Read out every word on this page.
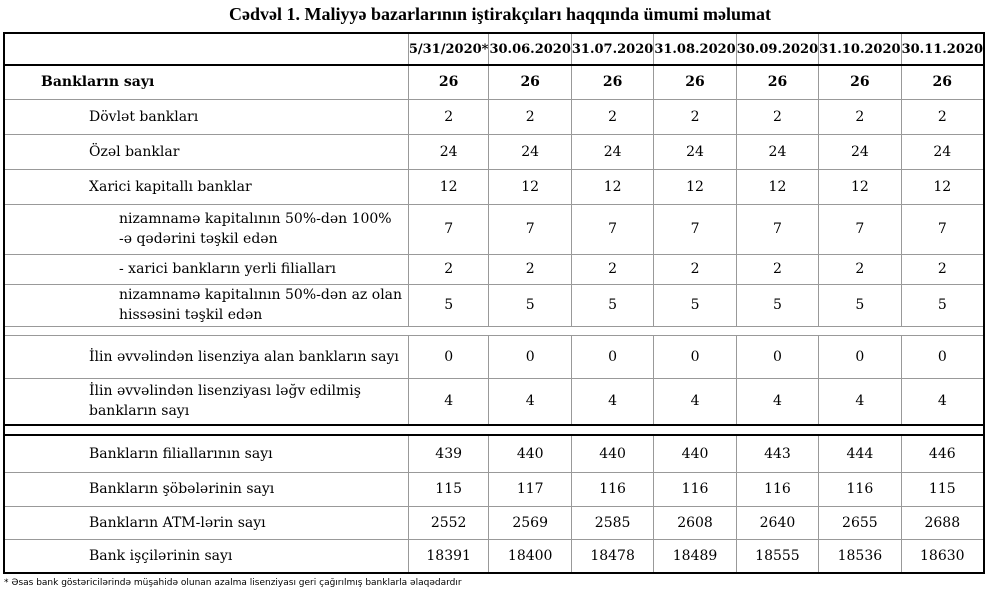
Cədvəl 1. Maliyyə bazarlarının iştirakçıları haqqında ümumi məlumat
	5/31/2020*	30.06.2020	31.07.2020	31.08.2020	30.09.2020	31.10.2020	30.11.2020
Bankların sayı	26	26	26	26	26	26	26
Dövlət bankları	2	2	2	2	2	2	2
Özəl banklar	24	24	24	24	24	24	24
Xarici kapitallı banklar	12	12	12	12	12	12	12
nizamnamə kapitalının 50%-dən 100% -ə qədərini təşkil edən	7	7	7	7	7	7	7
- xarici bankların yerli filialları	2	2	2	2	2	2	2
nizamnamə kapitalının 50%-dən az olan hissəsini təşkil edən	5	5	5	5	5	5	5

İlin əvvəlindən lisenziya alan bankların sayı	0	0	0	0	0	0	0
İlin əvvəlindən lisenziyası ləğv edilmiş bankların sayı	4	4	4	4	4	4	4

Bankların filiallarının sayı	439	440	440	440	443	444	446
Bankların şöbələrinin sayı	115	117	116	116	116	116	115
Bankların ATM-lərin sayı	2552	2569	2585	2608	2640	2655	2688
Bank işçilərinin sayı	18391	18400	18478	18489	18555	18536	18630
* Əsas bank göstəricilərində müşahidə olunan azalma lisenziyası geri çağırılmış banklarla əlaqədardır
